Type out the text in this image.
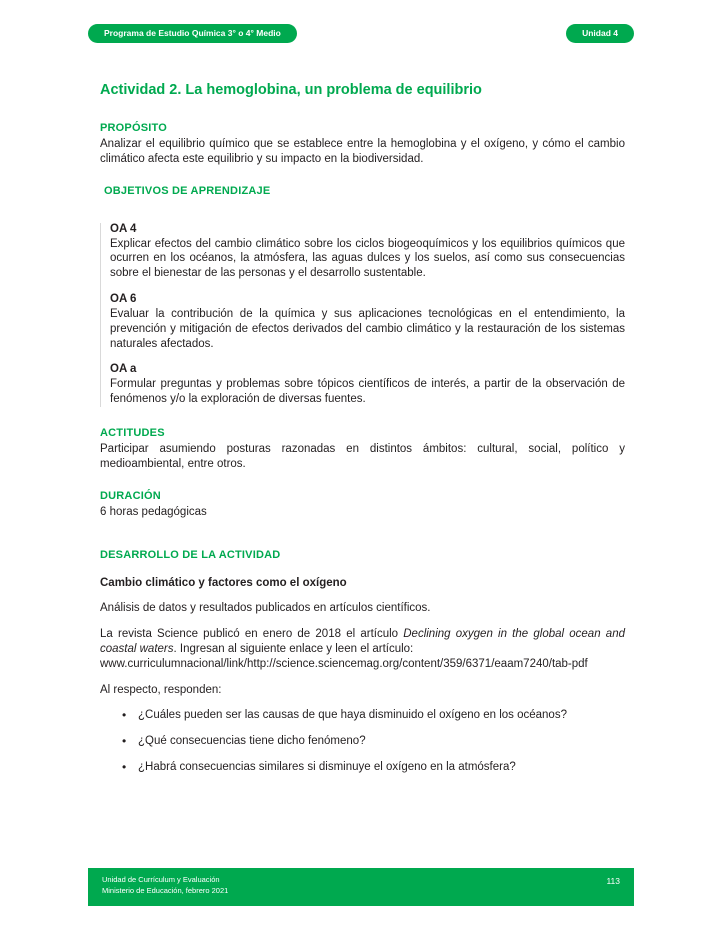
Programa de Estudio Química 3° o 4° Medio	Unidad 4
Actividad 2. La hemoglobina, un problema de equilibrio
PROPÓSITO

Analizar el equilibrio químico que se establece entre la hemoglobina y el oxígeno, y cómo el cambio climático afecta este equilibrio y su impacto en la biodiversidad.

OBJETIVOS DE APRENDIZAJE
OA 4

Explicar efectos del cambio climático sobre los ciclos biogeoquímicos y los equilibrios químicos que ocurren en los océanos, la atmósfera, las aguas dulces y los suelos, así como sus consecuencias sobre el bienestar de las personas y el desarrollo sustentable.

OA 6

Evaluar la contribución de la química y sus aplicaciones tecnológicas en el entendimiento, la prevención y mitigación de efectos derivados del cambio climático y la restauración de los sistemas naturales afectados.

OA a

Formular preguntas y problemas sobre tópicos científicos de interés, a partir de la observación de fenómenos y/o la exploración de diversas fuentes.

ACTITUDES

Participar asumiendo posturas razonadas en distintos ámbitos: cultural, social, político y medioambiental, entre otros.

DURACIÓN

6 horas pedagógicas

DESARROLLO DE LA ACTIVIDAD
Cambio climático y factores como el oxígeno

Análisis de datos y resultados publicados en artículos científicos.

La revista Science publicó en enero de 2018 el artículo Declining oxygen in the global ocean and coastal waters. Ingresan al siguiente enlace y leen el artículo:
www.curriculumnacional/link/http://science.sciencemag.org/content/359/6371/eaam7240/tab-pdf

Al respecto, responden:

• ¿Cuáles pueden ser las causas de que haya disminuido el oxígeno en los océanos?
• ¿Qué consecuencias tiene dicho fenómeno?
• ¿Habrá consecuencias similares si disminuye el oxígeno en la atmósfera?
Unidad de Currículum y Evaluación
Ministerio de Educación, febrero 2021
113
